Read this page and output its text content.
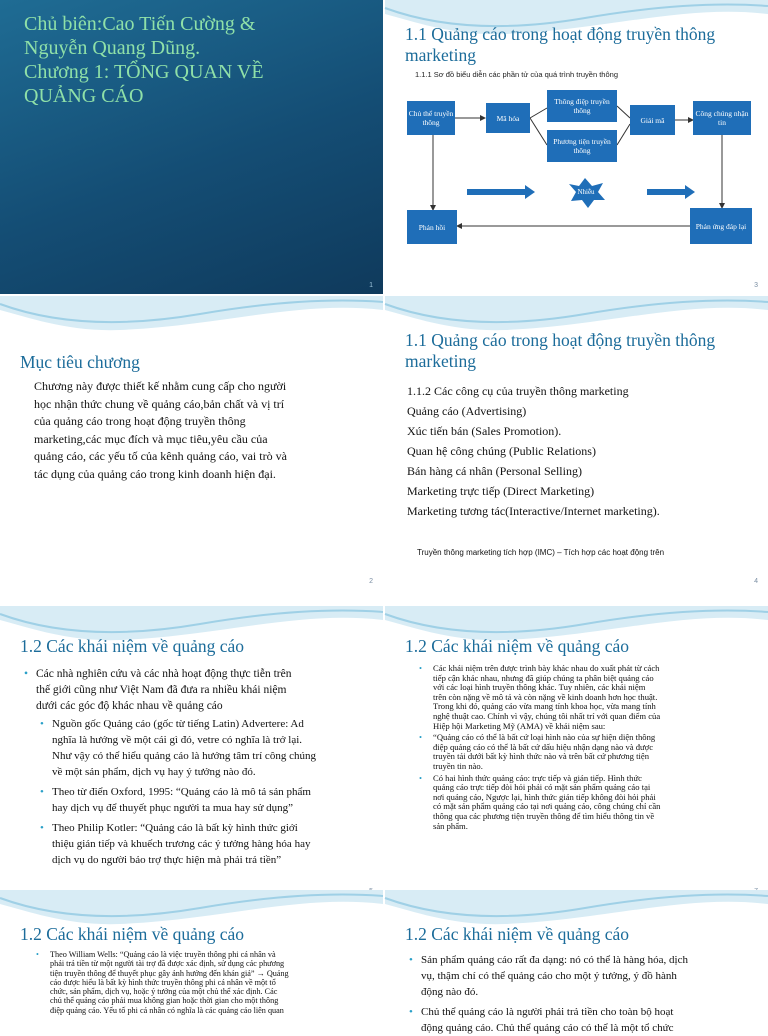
Chủ biên:Cao Tiến Cường &
Nguyễn Quang Dũng.
Chương 1: TỔNG QUAN VỀ
QUẢNG CÁO
1
1.1 Quảng cáo trong hoạt động truyền thông
marketing
1.1.1 Sơ đồ biểu diễn các phần tử của quá trình truyền thông
Chủ thể truyền thông	Mã hóa
Thông điệp truyền thông
Phương tiện truyền thông
Giải mã
Công chúng nhận tin
Nhiễu
Phản hồi	Phản ứng đáp lại
3
Mục tiêu chương
Chương này được thiết kế nhằm cung cấp cho người
học nhận thức chung về quảng cáo,bản chất và vị trí
của quảng cáo trong hoạt động truyền thông
marketing,các mục đích và mục tiêu,yêu cầu của
quảng cáo, các yếu tố của kênh quảng cáo, vai trò và
tác dụng của quảng cáo trong kinh doanh hiện đại.
2
1.1 Quảng cáo trong hoạt động truyền thông
marketing
1.1.2 Các công cụ của truyền thông marketing
Quảng cáo (Advertising)
Xúc tiến bán (Sales Promotion).
Quan hệ công chúng (Public Relations)
Bán hàng cá nhân (Personal Selling)
Marketing trực tiếp (Direct Marketing)
Marketing tương tác(Interactive/Internet marketing).
Truyền thông marketing tích hợp (IMC) – Tích hợp các hoạt động trên
4
1.2 Các khái niệm về quảng cáo
• Các nhà nghiên cứu và các nhà hoạt động thực tiễn trên
thế giới cũng như Việt Nam đã đưa ra nhiều khái niệm
dưới các góc độ khác nhau về quảng cáo
• Nguồn gốc Quảng cáo (gốc từ tiếng Latin) Advertere: Ad
nghĩa là hướng về một cái gì đó, vetre có nghĩa là trở lại.
Như vậy có thể hiểu quảng cáo là hướng tâm trí công chúng
về một sản phẩm, dịch vụ hay ý tưởng nào đó.
• Theo từ điển Oxford, 1995: “Quảng cáo là mô tả sản phẩm
hay dịch vụ để thuyết phục người ta mua hay sử dụng”
• Theo Philip Kotler: “Quảng cáo là bất kỳ hình thức giới
thiệu gián tiếp và khuếch trương các ý tưởng hàng hóa hay
dịch vụ do người bảo trợ thực hiện mà phải trả tiền”
1.2 Các khái niệm về quảng cáo
• Các khái niệm trên được trình bày khác nhau do xuất phát từ cách
tiếp cận khác nhau, nhưng đã giúp chúng ta phân biệt quảng cáo
với các loại hình truyền thông khác. Tuy nhiên, các khái niệm
trên còn nặng về mô tả và còn nặng về kinh doanh hơn học thuật.
Trong khi đó, quảng cáo vừa mang tính khoa học, vừa mang tính
nghệ thuật cao. Chính vì vậy, chúng tôi nhất trí với quan điểm của
Hiệp hội Marketing Mỹ (AMA) về khái niệm sau:
• “Quảng cáo có thể là bất cứ loại hình nào của sự hiện diện thông
điệp quảng cáo có thể là bất cứ dấu hiệu nhận dạng nào và được
truyền tải dưới bất kỳ hình thức nào và trên bất cứ phương tiện
truyền tin nào.
• Có hai hình thức quảng cáo: trực tiếp và gián tiếp. Hình thức
quảng cáo trực tiếp đòi hỏi phải có mặt sản phẩm quảng cáo tại
nơi quảng cáo, Ngược lại, hình thức gián tiếp không đòi hỏi phải
có mặt sản phẩm quảng cáo tại nơi quảng cáo, công chúng chỉ cần
thông qua các phương tiện truyền thông để tìm hiểu thông tin về
sản phẩm.
1.2 Các khái niệm về quảng cáo
• Theo William Wells: “Quảng cáo là việc truyền thông phi cá nhân và
phải trả tiền từ một người tài trợ đã được xác định, sử dụng các phương
tiện truyền thông để thuyết phục gây ảnh hưởng đến khán giả” → Quảng
cáo được hiểu là bất kỳ hình thức truyền thông phi cá nhân về một tổ
chức, sản phẩm, dịch vụ, hoặc ý tưởng của một chủ thể xác định. Các
chủ thể quảng cáo phải mua không gian hoặc thời gian cho một thông
điệp quảng cáo. Yếu tố phi cá nhân có nghĩa là các quảng cáo liên quan
1.2 Các khái niệm về quảng cáo
• Sản phẩm quảng cáo rất đa dạng: nó có thể là hàng hóa, dịch
vụ, thậm chí có thể quảng cáo cho một ý tưởng, ý đồ hành
động nào đó.
• Chủ thể quảng cáo là người phải trả tiền cho toàn bộ hoạt
động quảng cáo. Chủ thể quảng cáo có thể là một tổ chức
